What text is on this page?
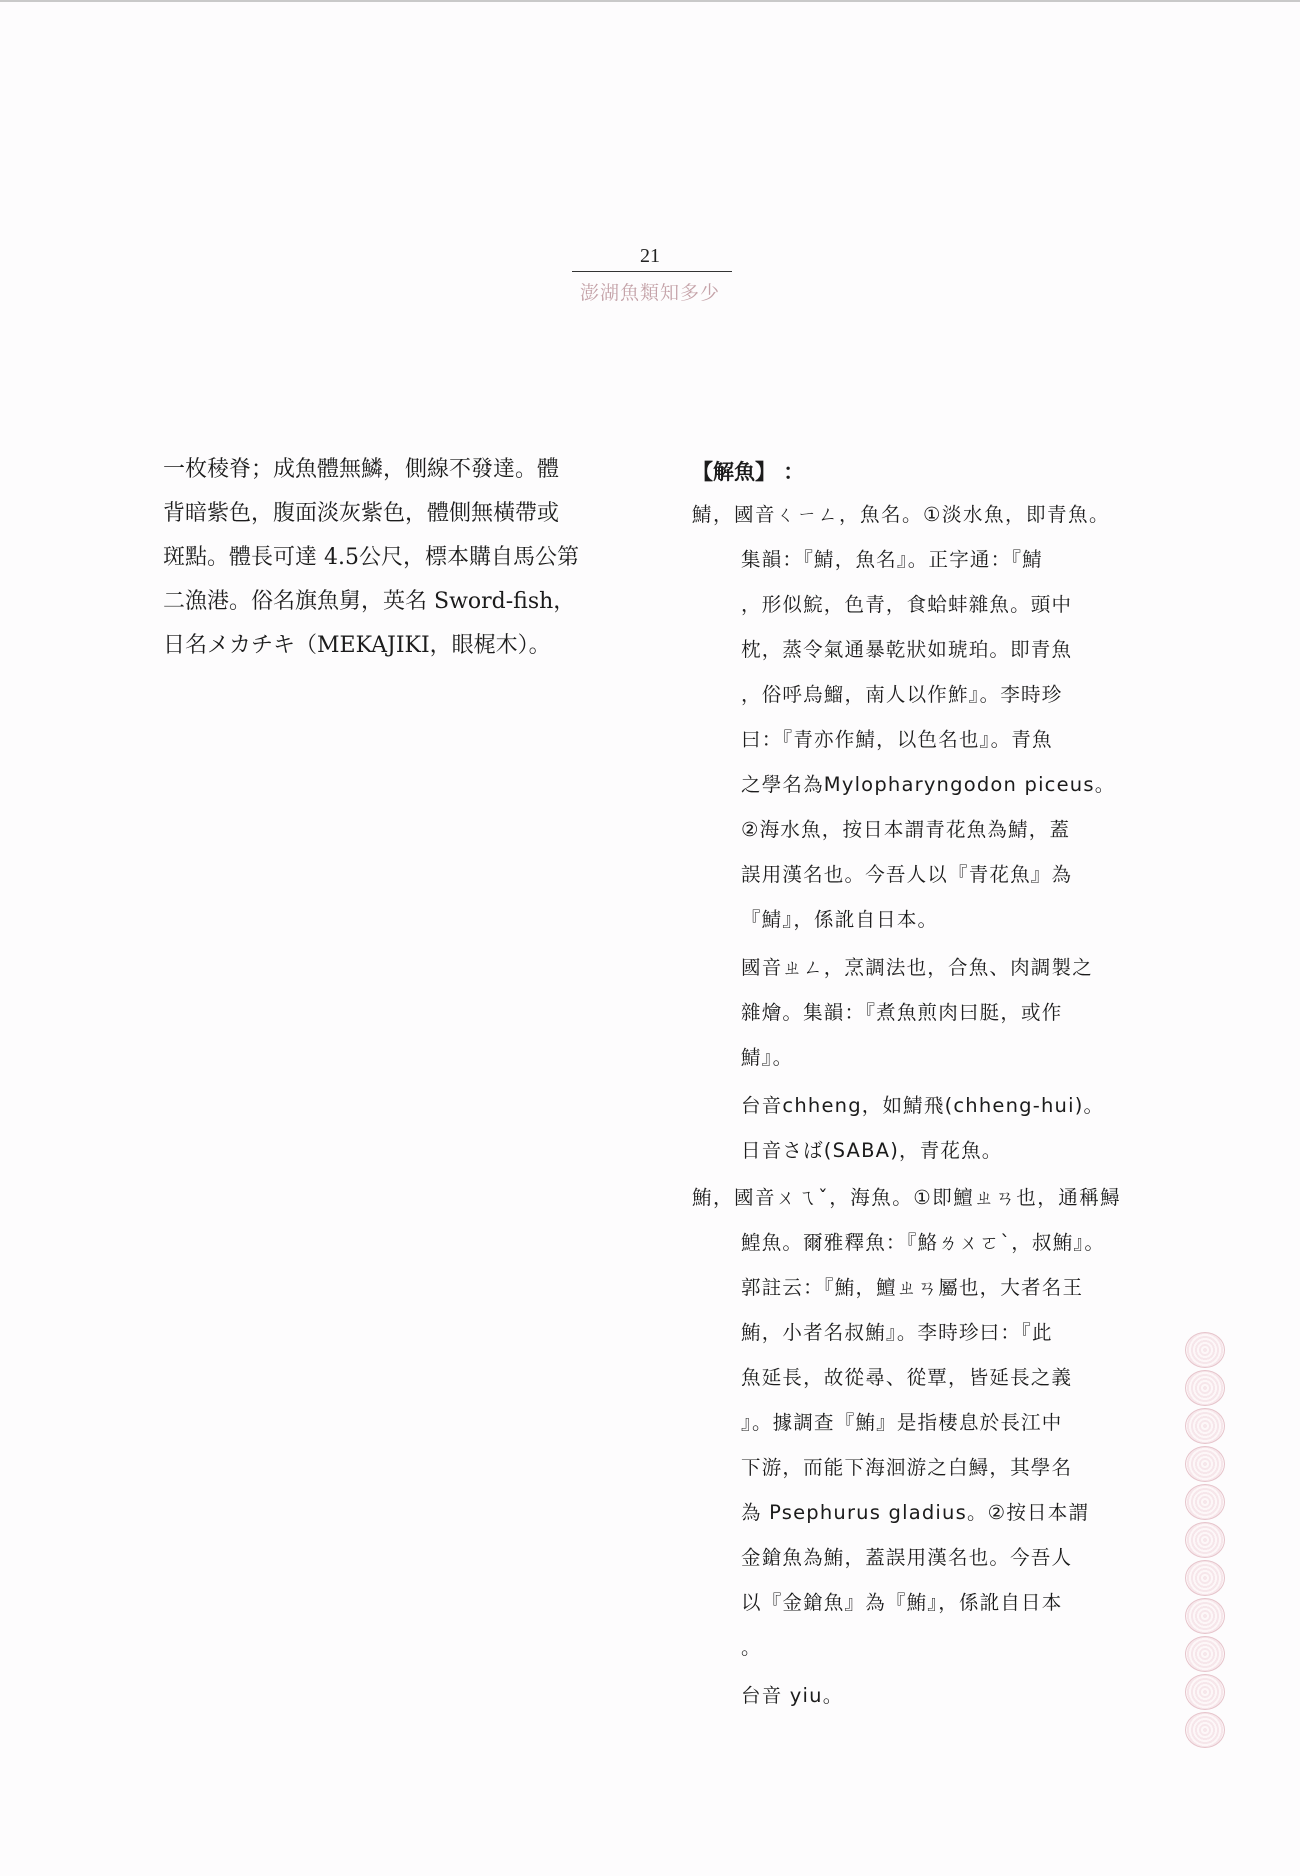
21
澎湖魚類知多少
一枚稜脊；成魚體無鱗，側線不發達。體
背暗紫色，腹面淡灰紫色，體側無橫帶或
斑點。體長可達 4.5公尺，標本購自馬公第
二漁港。俗名旗魚舅，英名 Sword-fish，
日名メカチキ（MEKAJIKI，眼梶木）。
【解魚】 ：
鯖，國音ㄑㄧㄥ，魚名。①淡水魚，即青魚。
集韻：『鯖，魚名』。正字通：『鯖
，形似鯇，色青，食蛤蚌雜魚。頭中
枕，蒸令氣通暴乾狀如琥珀。即青魚
，俗呼烏鰡，南人以作鮓』。李時珍
曰：『青亦作鯖，以色名也』。青魚
之學名為Mylopharyngodon piceus。
②海水魚，按日本謂青花魚為鯖，蓋
誤用漢名也。今吾人以『青花魚』為
『鯖』，係訛自日本。
國音ㄓㄥ，烹調法也，合魚、肉調製之
雜燴。集韻：『煮魚煎肉曰脡，或作
鯖』。
台音chheng，如鯖飛(chheng-hui)。
日音さば(SABA)，青花魚。
鮪，國音ㄨㄟˇ，海魚。①即鱣ㄓㄢ也，通稱鱘
鰉魚。爾雅釋魚：『鮥ㄌㄨㄛˋ，叔鮪』。
郭註云：『鮪，鱣ㄓㄢ屬也，大者名王
鮪，小者名叔鮪』。李時珍曰：『此
魚延長，故從尋、從覃，皆延長之義
』。據調查『鮪』是指棲息於長江中
下游，而能下海洄游之白鱘，其學名
為 Psephurus gladius。②按日本謂
金鎗魚為鮪，蓋誤用漢名也。今吾人
以『金鎗魚』為『鮪』，係訛自日本
。
台音 yiu。
